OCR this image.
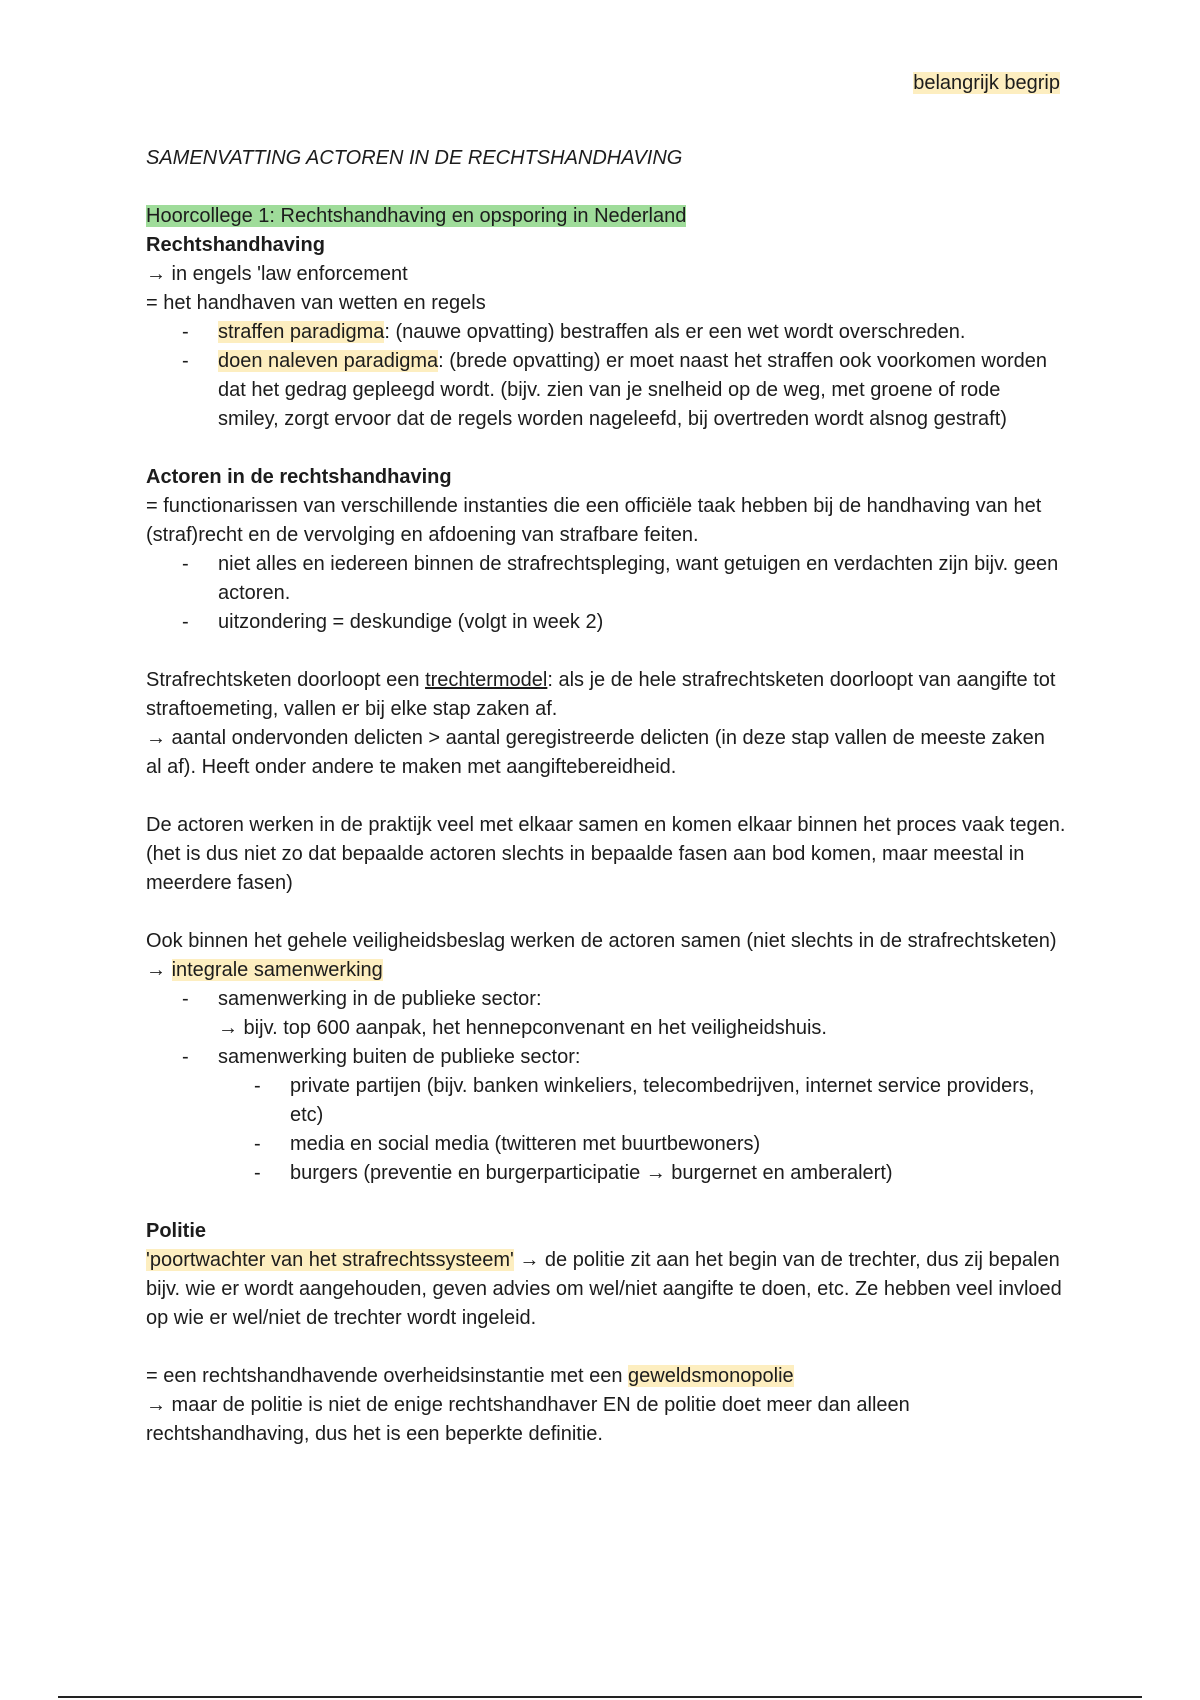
belangrijk begrip

SAMENVATTING ACTOREN IN DE RECHTSHANDHAVING

Hoorcollege 1: Rechtshandhaving en opsporing in Nederland

Rechtshandhaving

→ in engels 'law enforcement

= het handhaven van wetten en regels

- straffen paradigma: (nauwe opvatting) bestraffen als er een wet wordt overschreden.
- doen naleven paradigma: (brede opvatting) er moet naast het straffen ook voorkomen worden dat het gedrag gepleegd wordt. (bijv. zien van je snelheid op de weg, met groene of rode smiley, zorgt ervoor dat de regels worden nageleefd, bij overtreden wordt alsnog gestraft)

Actoren in de rechtshandhaving

= functionarissen van verschillende instanties die een officiële taak hebben bij de handhaving van het (straf)recht en de vervolging en afdoening van strafbare feiten.

- niet alles en iedereen binnen de strafrechtspleging, want getuigen en verdachten zijn bijv. geen actoren.
- uitzondering = deskundige (volgt in week 2)

Strafrechtsketen doorloopt een trechtermodel: als je de hele strafrechtsketen doorloopt van aangifte tot straftoemeting, vallen er bij elke stap zaken af.

→ aantal ondervonden delicten > aantal geregistreerde delicten (in deze stap vallen de meeste zaken al af). Heeft onder andere te maken met aangiftebereidheid.

De actoren werken in de praktijk veel met elkaar samen en komen elkaar binnen het proces vaak tegen. (het is dus niet zo dat bepaalde actoren slechts in bepaalde fasen aan bod komen, maar meestal in meerdere fasen)

Ook binnen het gehele veiligheidsbeslag werken de actoren samen (niet slechts in de strafrechtsketen) → integrale samenwerking

- samenwerking in de publieke sector:
→ bijv. top 600 aanpak, het hennepconvenant en het veiligheidshuis.
- samenwerking buiten de publieke sector:
- private partijen (bijv. banken winkeliers, telecombedrijven, internet service providers, etc)
- media en social media (twitteren met buurtbewoners)
- burgers (preventie en burgerparticipatie → burgernet en amberalert)

Politie

'poortwachter van het strafrechtssysteem' → de politie zit aan het begin van de trechter, dus zij bepalen bijv. wie er wordt aangehouden, geven advies om wel/niet aangifte te doen, etc. Ze hebben veel invloed op wie er wel/niet de trechter wordt ingeleid.

= een rechtshandhavende overheidsinstantie met een geweldsmonopolie

→ maar de politie is niet de enige rechtshandhaver EN de politie doet meer dan alleen rechtshandhaving, dus het is een beperkte definitie.
